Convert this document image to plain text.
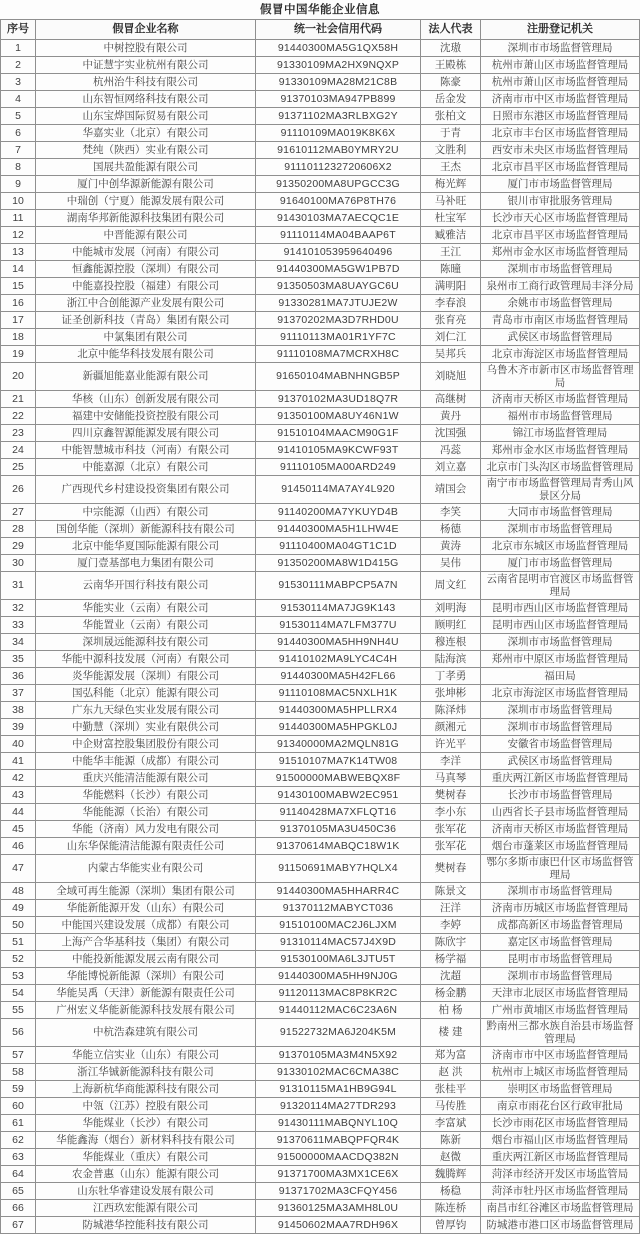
假冒中国华能企业信息
序号	假冒企业名称	统一社会信用代码	法人代表	注册登记机关
1	中树控股有限公司	91440300MA5G1QX58H	沈璈	深圳市市场监督管理局
2	中证慧宇实业杭州有限公司	91330109MA2HX9NQXP	王殿栋	杭州市萧山区市场监督管理局
3	杭州治牛科技有限公司	91330109MA28M21C8B	陈豪	杭州市萧山区市场监督管理局
4	山东智恒网络科技有限公司	91370103MA947PB899	岳金发	济南市市中区市场监督管理局
5	山东宝烨国际贸易有限公司	91371102MA3RLBXG2Y	张柏文	日照市东港区市场监督管理局
6	华嘉实业（北京）有限公司	91110109MA019K8K6X	于青	北京市丰台区市场监督管理局
7	梵纯（陕西）实业有限公司	91610112MAB0YMRY2U	文胜利	西安市未央区市场监督管理局
8	国展共盈能源有限公司	9111011232720606X2	王杰	北京市昌平区市场监督管理局
9	厦门中创华源新能源有限公司	91350200MA8UPGCC3G	梅光辉	厦门市市场监督管理局
10	中瑞创（宁夏）能源发展有限公司	91640100MA76P8TH76	马补旺	银川市审批服务管理局
11	湖南华邦新能源科技集团有限公司	91430103MA7AECQC1E	杜宝军	长沙市天心区市场监督管理局
12	中晋能源有限公司	91110114MA04BAAP6T	臧雅洁	北京市昌平区市场监督管理局
13	中能城市发展（河南）有限公司	914101053959640496	王江	郑州市金水区市场监督管理局
14	恒鑫能源控股（深圳）有限公司	91440300MA5GW1PB7D	陈曈	深圳市市场监督管理局
15	中能嘉投控股（福建）有限公司	91350503MA8UAYGC6U	满明阳	泉州市工商行政管理局丰泽分局
16	浙江中合创能源产业发展有限公司	91330281MA7JTUJE2W	李春浪	余姚市市场监督管理局
17	证圣创新科技（青岛）集团有限公司	91370202MA3D7RHD0U	张育亮	青岛市市南区市场监督管理局
18	中氯集团有限公司	91110113MA01R1YF7C	刘仁江	武侯区市场监督管理局
19	北京中能华科技发展有限公司	91110108MA7MCRXH8C	吴邦兵	北京市海淀区市场监督管理局
20	新疆旭能嘉业能源有限公司	91650104MABNHNGB5P	刘晓旭	乌鲁木齐市新市区市场监督管理局
21	华核（山东）创新发展有限公司	91370102MA3UD18Q7R	高继树	济南市天桥区市场监督管理局
22	福建中安储能投资控股有限公司	91350100MA8UY46N1W	黄丹	福州市市场监督管理局
23	四川京鑫智源能源发展有限公司	91510104MAACM90G1F	沈国强	锦江市场监督管理局
24	中能智慧城市科技（河南）有限公司	91410105MA9KCWF93T	冯蕊	郑州市金水区市场监督管理局
25	中能嘉源（北京）有限公司	91110105MA00ARD249	刘立嘉	北京市门头沟区市场监督管理局
26	广西现代乡村建设投资集团有限公司	91450114MA7AY4L920	靖国会	南宁市市场监督管理局青秀山风景区分局
27	中宗能源（山西）有限公司	91140200MA7YKUYD4B	李笑	大同市市场监督管理局
28	国创华能（深圳）新能源科技有限公司	91440300MA5H1LHW4E	杨德	深圳市市场监督管理局
29	北京中能华夏国际能源有限公司	91110400MA04GT1C1D	黄涛	北京市东城区市场监督管理局
30	厦门壹基部电力集团有限公司	91350200MA8W1D415G	吴伟	厦门市市场监督管理局
31	云南华开国行科技有限公司	91530111MABPCP5A7N	周文红	云南省昆明市官渡区市场监督管理局
32	华能实业（云南）有限公司	91530114MA7JG9K143	刘明海	昆明市西山区市场监督管理局
33	华能置业（云南）有限公司	91530114MA7LFM377U	顾明红	昆明市西山区市场监督管理局
34	深圳晟远能源科技有限公司	91440300MA5HH9NH4U	穆连根	深圳市市场监督管理局
35	华能中源科技发展（河南）有限公司	91410102MA9LYC4C4H	陆海滨	郑州市中原区市场监督管理局
36	炎华能源发展（深圳）有限公司	91440300MA5H42FL66	丁孝勇	福田局
37	国弘科能（北京）能源有限公司	91110108MAC5NXLH1K	张坤彬	北京市海淀区市场监督管理局
38	广东九天绿色实业发展有限公司	91440300MA5HPLLRX4	陈泽炜	深圳市市场监督管理局
39	中勤慧（深圳）实业有限供公司	91440300MA5HPGKL0J	颜湘元	深圳市市场监督管理局
40	中企财富控股集团股份有限公司	91340000MA2MQLN81G	许光平	安徽省市场监督管理局
41	中能华丰能源（成都）有限公司	91510107MA7K14TW08	李洋	武侯区市场监督管理局
42	重庆兴能清洁能源有限公司	91500000MABWEBQX8F	马真琴	重庆两江新区市场监督管理局
43	华能燃料（长沙）有限公司	91430100MABW2EC951	樊树春	长沙市市场监督管理局
44	华能能源（长治）有限公司	91140428MA7XFLQT16	李小东	山西省长子县市场监督管理局
45	华能（济南）风力发电有限公司	91370105MA3U450C36	张军花	济南市天桥区市场监督管理局
46	山东华保能清洁能源有限责任公司	91370614MABQC18W1K	张军花	烟台市蓬莱区市场监督管理局
47	内蒙古华能实业有限公司	91150691MABY7HQLX4	樊树春	鄂尔多斯市康巴什区市场监督管理局
48	全域可再生能源（深圳）集团有限公司	91440300MA5HHARR4C	陈景文	深圳市市场监督管理局
49	华能新能源开发（山东）有限公司	91370112MABYCT036	汪洋	济南市历城区市场监督管理局
50	中能国兴建设发展（成都）有限公司	91510100MAC2J6LJXM	李婷	成都高新区市场监督管理局
51	上海产合华基科技（集团）有限公司	91310114MAC57J4X9D	陈欣宇	嘉定区市场监督管理局
52	中能投新能源发展云南有限公司	91530100MA6L3JTU5T	杨学福	昆明市市场监督管理局
53	华能博悦新能源（深圳）有限公司	91440300MA5HH9NJ0G	沈超	深圳市市场监督管理局
54	华能吴禹（天津）新能源有限责任公司	91120113MAC8P8KR2C	杨金鹏	天津市北辰区市场监督管理局
55	广州宏义华能新能源科技发展有限公司	91440112MAC6C23A6N	柏 杨	广州市黄埔区市场监督管理局
56	中杭浩森建筑有限公司	91522732MA6J204K5M	楼 建	黔南州三都水族自治县市场监督管理局
57	华能立信实业（山东）有限公司	91370105MA3M4N5X92	郑为富	济南市市中区市场监督管理局
58	浙江华铖新能源科技有限公司	91330102MAC6CMA38C	赵 洪	杭州市上城区市场监督管理局
59	上海新杭华商能源科技有限公司	91310115MA1HB9G94L	张桂平	崇明区市场监督管理局
60	中瓴（江苏）控股有限公司	91320114MA27TDR293	马传胜	南京市雨花台区行政审批局
61	华能煤业（长沙）有限公司	91430111MABQNYL10Q	李富斌	长沙市雨花区市场监督管理局
62	华能鑫海（烟台）新材料科技有限公司	91370611MABQPFQR4K	陈新	烟台市福山区市场监督管理局
63	华能煤业（重庆）有限公司	91500000MAACDQ382N	赵微	重庆两江新区市场监督管理局
64	农金普惠（山东）能源有限公司	91371700MA3MX1CE6X	魏腾辉	菏泽市经济开发区市场监管局
65	山东牡华睿建设发展有限公司	91371702MA3CFQY456	杨稳	菏泽市牡丹区市场监督管理局
66	江西玖宏能源有限公司	91360125MA3AMH8L0U	陈连桥	南昌市红谷滩区市场监督管理局
67	防城港华控能科技有限公司	91450602MAA7RDH96X	曾厚钧	防城港市港口区市场监督管理局
